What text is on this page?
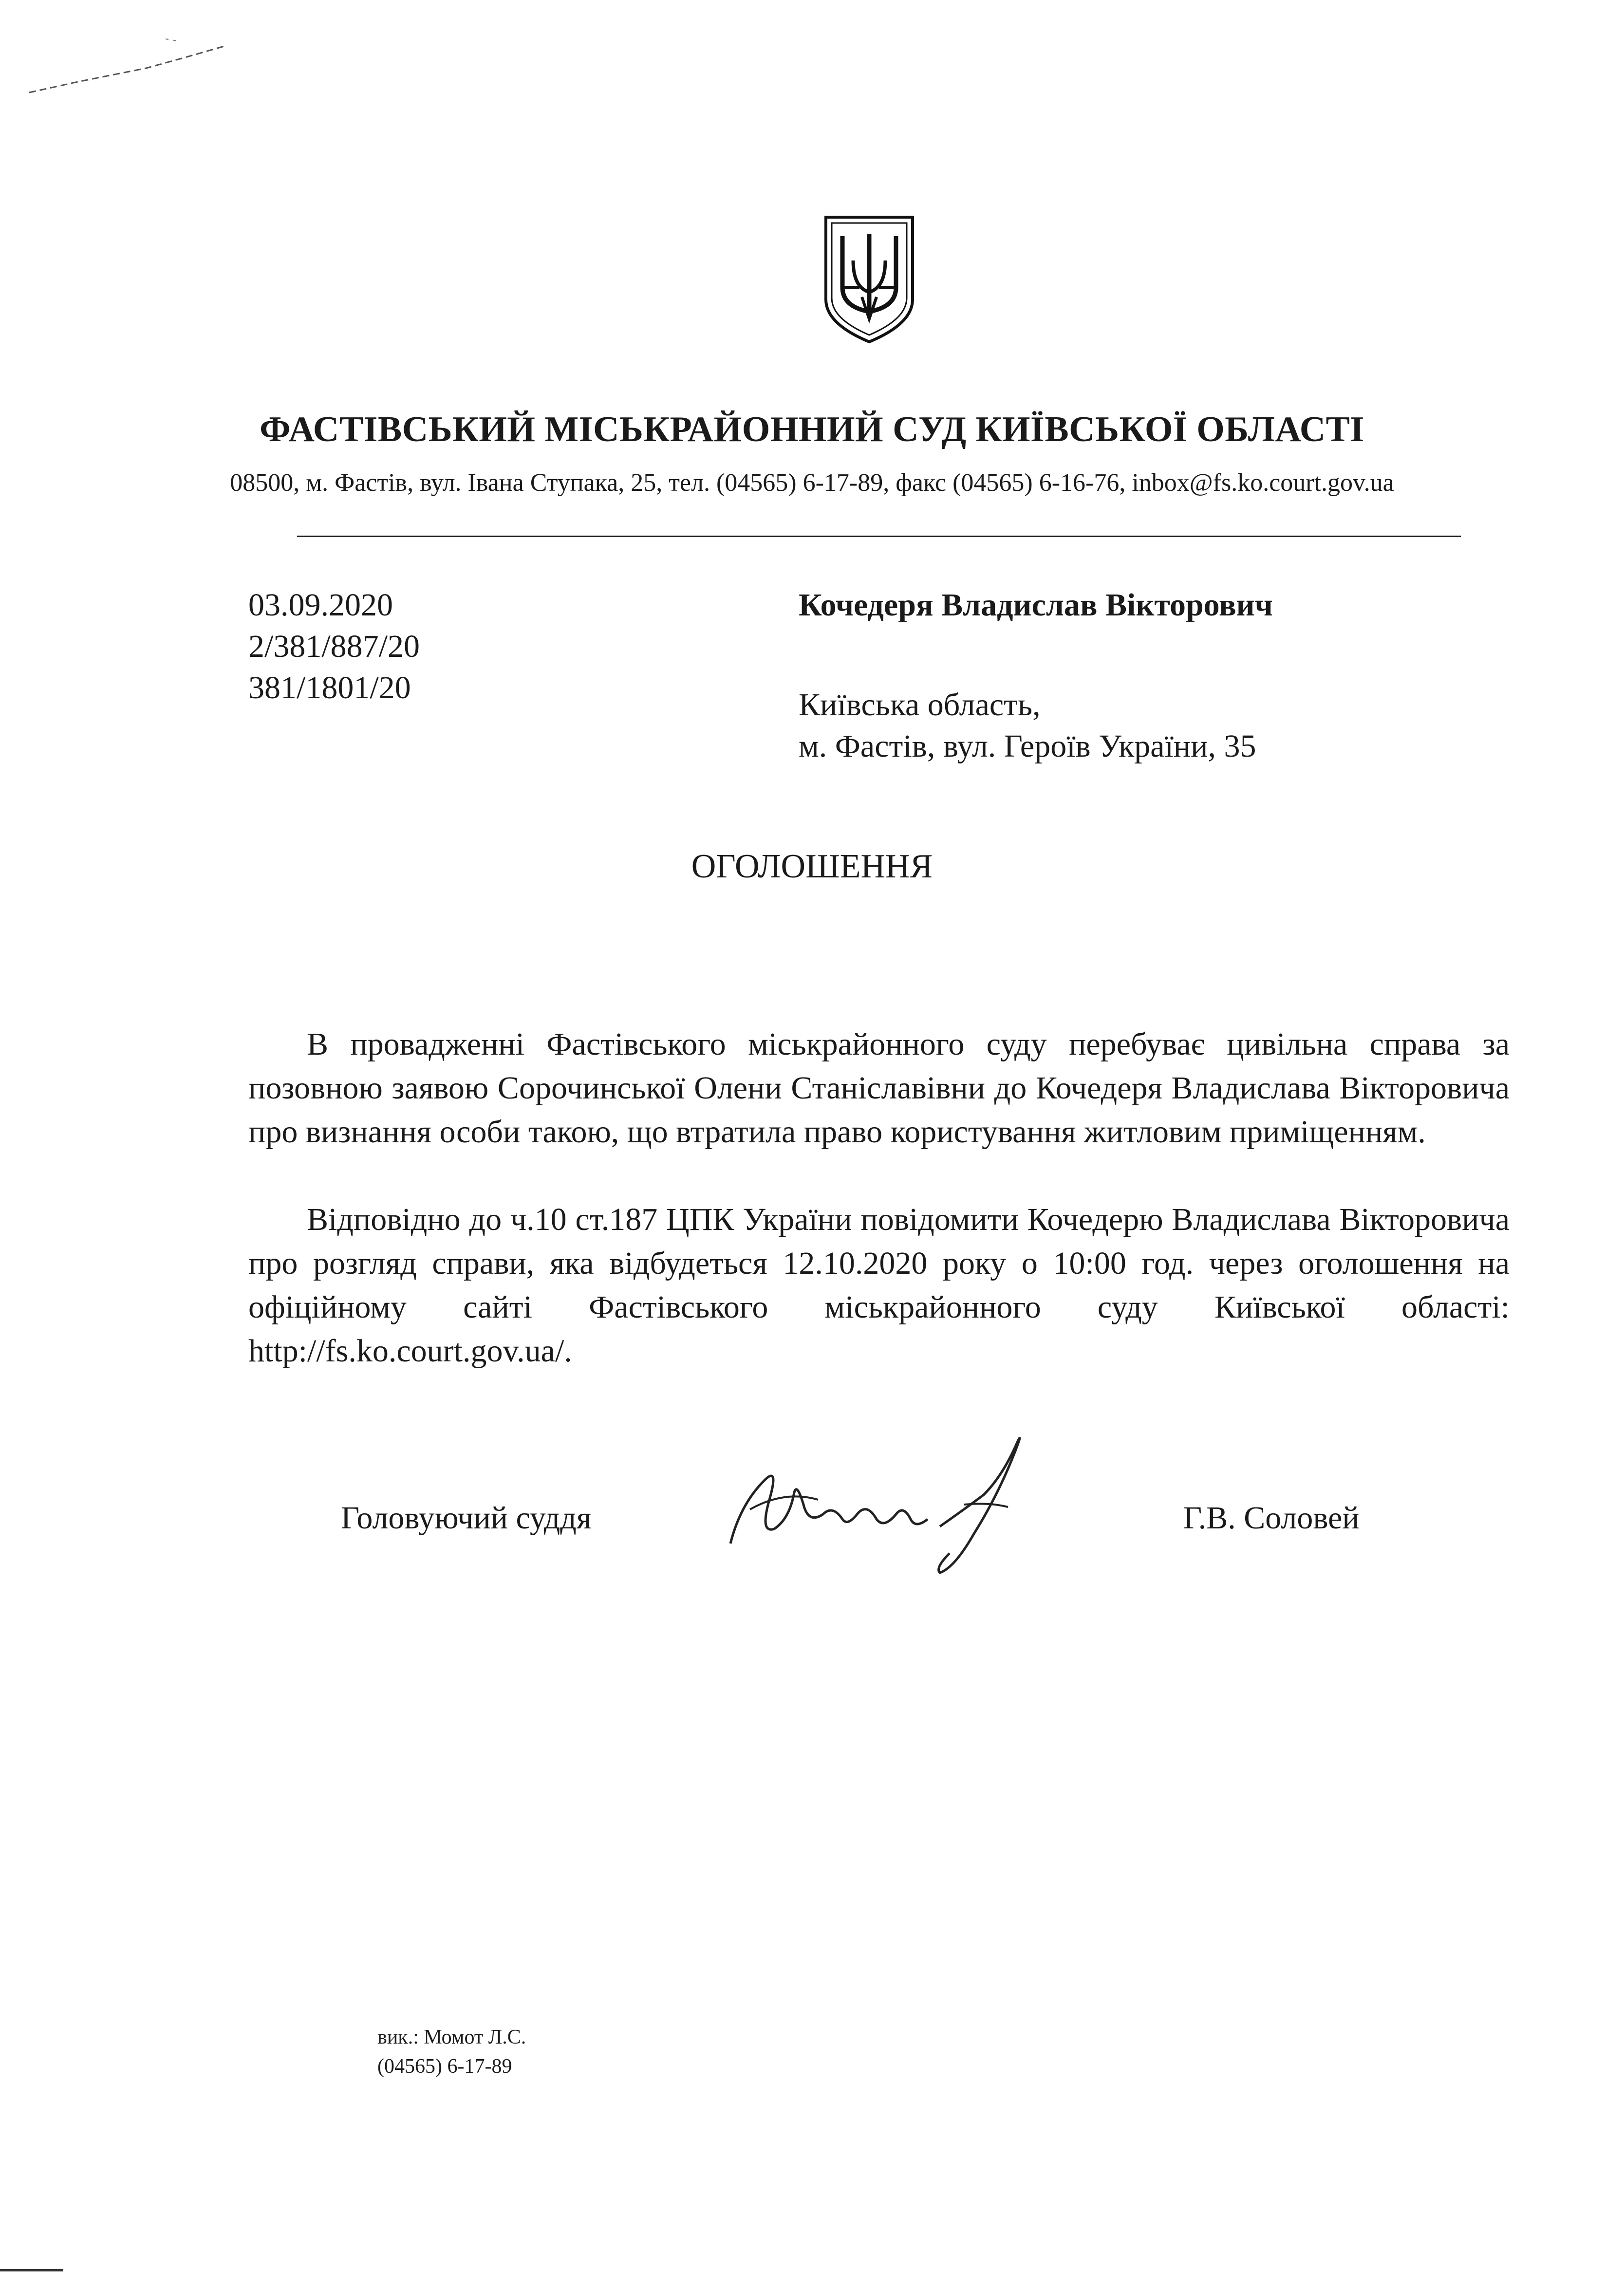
ФАСТІВСЬКИЙ МІСЬКРАЙОННИЙ СУД КИЇВСЬКОЇ ОБЛАСТІ
08500, м. Фастів, вул. Івана Ступака, 25, тел. (04565) 6-17-89, факс (04565) 6-16-76, inbox@fs.ko.court.gov.ua
03.09.2020
2/381/887/20
381/1801/20
Кочедеря Владислав Вікторович
Київська область,
м. Фастів, вул. Героїв України, 35
ОГОЛОШЕННЯ
В провадженні Фастівського міськрайонного суду перебуває цивільна справа за позовною заявою Сорочинської Олени Станіславівни до Кочедеря Владислава Вікторовича про визнання особи такою, що втратила право користування житловим приміщенням.
Відповідно до ч.10 ст.187 ЦПК України повідомити Кочедерю Владислава Вікторовича про розгляд справи, яка відбудеться 12.10.2020 року о 10:00 год. через оголошення на офіційному сайті Фастівського міськрайонного суду Київської області: http://fs.ko.court.gov.ua/.
Головуючий суддя	Г.В. Соловей
вик.: Момот Л.С.
(04565) 6-17-89
